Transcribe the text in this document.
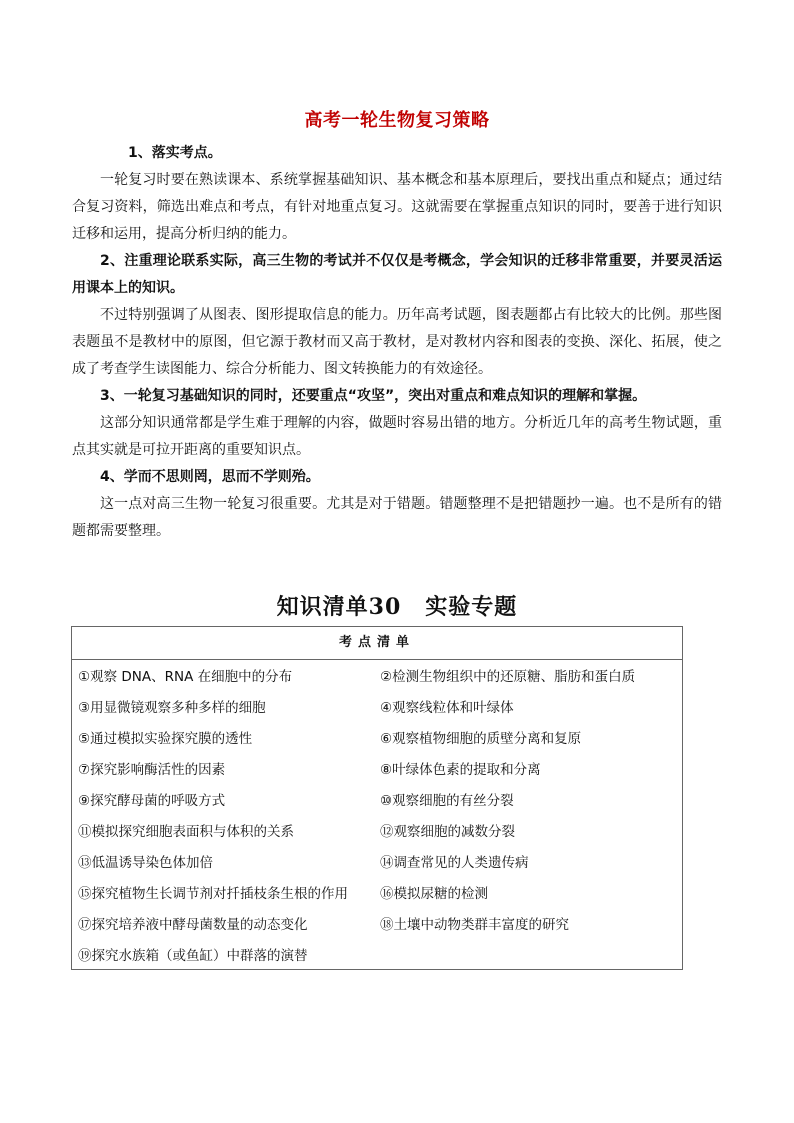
高考一轮生物复习策略
1、落实考点。
一轮复习时要在熟读课本、系统掌握基础知识、基本概念和基本原理后，要找出重点和疑点；通过结合复习资料，筛选出难点和考点，有针对地重点复习。这就需要在掌握重点知识的同时，要善于进行知识迁移和运用，提高分析归纳的能力。
2、注重理论联系实际，高三生物的考试并不仅仅是考概念，学会知识的迁移非常重要，并要灵活运用课本上的知识。
不过特别强调了从图表、图形提取信息的能力。历年高考试题，图表题都占有比较大的比例。那些图表题虽不是教材中的原图，但它源于教材而又高于教材，是对教材内容和图表的变换、深化、拓展，使之成了考查学生读图能力、综合分析能力、图文转换能力的有效途径。
3、一轮复习基础知识的同时，还要重点“攻坚”，突出对重点和难点知识的理解和掌握。
这部分知识通常都是学生难于理解的内容，做题时容易出错的地方。分析近几年的高考生物试题，重点其实就是可拉开距离的重要知识点。
4、学而不思则罔，思而不学则殆。
这一点对高三生物一轮复习很重要。尤其是对于错题。错题整理不是把错题抄一遍。也不是所有的错题都需要整理。
知识清单30 实验专题
考点清单
①观察 DNA、RNA 在细胞中的分布	②检测生物组织中的还原糖、脂肪和蛋白质
③用显微镜观察多种多样的细胞	④观察线粒体和叶绿体
⑤通过模拟实验探究膜的透性	⑥观察植物细胞的质壁分离和复原
⑦探究影响酶活性的因素	⑧叶绿体色素的提取和分离
⑨探究酵母菌的呼吸方式	⑩观察细胞的有丝分裂
⑪模拟探究细胞表面积与体积的关系	⑫观察细胞的减数分裂
⑬低温诱导染色体加倍	⑭调查常见的人类遗传病
⑮探究植物生长调节剂对扦插枝条生根的作用 ⑯模拟尿糖的检测
⑰探究培养液中酵母菌数量的动态变化	⑱土壤中动物类群丰富度的研究
⑲探究水族箱（或鱼缸）中群落的演替
